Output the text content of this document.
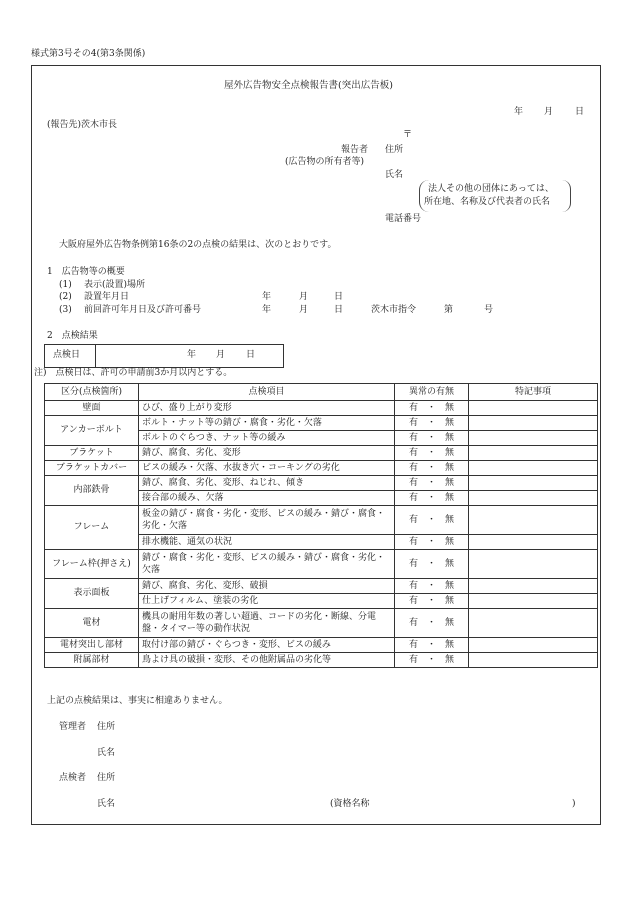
様式第3号その4(第3条関係)
屋外広告物安全点検報告書(突出広告板)
年 月 日
(報告先)茨木市長
〒
報告者 住所
(広告物の所有者等)
氏名
法人その他の団体にあっては、
所在地、名称及び代表者の氏名
電話番号
大阪府屋外広告物条例第16条の2の点検の結果は、次のとおりです。
1　広告物等の概要
(1) 表示(設置)場所
(2) 設置年月日	年	月	日
(3) 前回許可年月日及び許可番号	年	月	日	茨木市指令	第	号
2　点検結果
点検日	年 月 日
注)　点検日は、許可の申請前3か月以内とする。
区分(点検箇所)	点検項目	異常の有無	特記事項
壁面	ひび、盛り上がり変形	有　・　無	
アンカーボルト	ボルト・ナット等の錆び・腐食・劣化・欠落	有　・　無	
	ボルトのぐらつき、ナット等の緩み	有　・　無	
ブラケット	錆び、腐食、劣化、変形	有　・　無	
ブラケットカバー	ビスの緩み・欠落、水抜き穴・コーキングの劣化	有　・　無	
内部鉄骨	錆び、腐食、劣化、変形、ねじれ、傾き	有　・　無	
	接合部の緩み、欠落	有　・　無	
フレーム	板金の錆び・腐食・劣化・変形、ビスの緩み・錆び・腐食・劣化・欠落	有　・　無	
	排水機能、通気の状況	有　・　無	
フレーム枠(押さえ)	錆び・腐食・劣化・変形、ビスの緩み・錆び・腐食・劣化・欠落	有　・　無	
表示面板	錆び、腐食、劣化、変形、破損	有　・　無	
	仕上げフィルム、塗装の劣化	有　・　無	
電材	機具の耐用年数の著しい超過、コードの劣化・断線、分電盤・タイマー等の動作状況	有　・　無	
電材突出し部材	取付け部の錆び・ぐらつき・変形、ビスの緩み	有　・　無	
附属部材	鳥よけ具の破損・変形、その他附属品の劣化等	有　・　無	
上記の点検結果は、事実に相違ありません。
管理者 住所
氏名
点検者 住所
氏名	(資格名称	)
